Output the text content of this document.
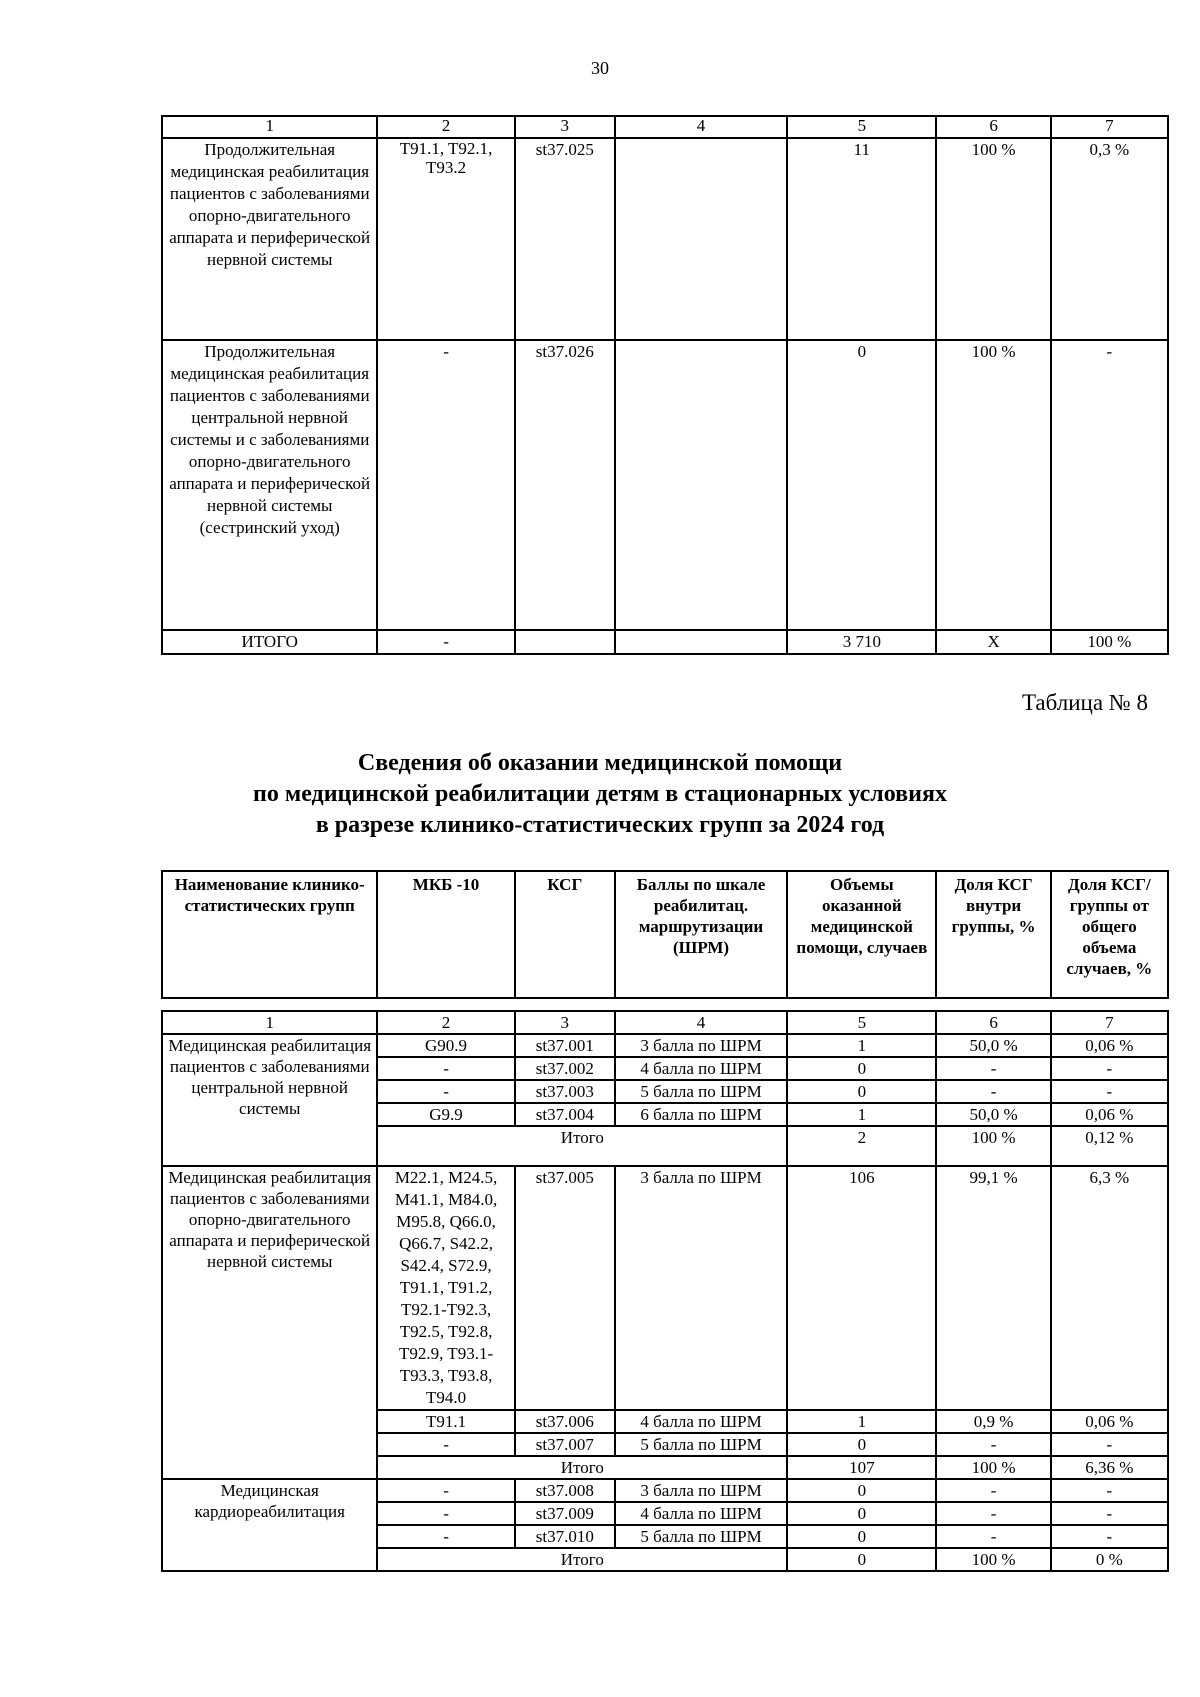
30
1	2	3	4	5	6	7
Продолжительная медицинская реабилитация пациентов с заболеваниями опорно-двигательного аппарата и периферической нервной системы	T91.1, T92.1, T93.2	st37.025		11	100 %	0,3 %
Продолжительная медицинская реабилитация пациентов с заболеваниями центральной нервной системы и с заболеваниями опорно-двигательного аппарата и периферической нервной системы (сестринский уход)	-	st37.026		0	100 %	-
ИТОГО	-			3 710	Х	100 %
Таблица № 8
Сведения об оказании медицинской помощи
по медицинской реабилитации детям в стационарных условиях
в разрезе клинико-статистических групп за 2024 год
Наименование клинико-статистических групп	МКБ -10	КСГ	Баллы по шкале реабилитац. маршрутизации (ШРМ)	Объемы оказанной медицинской помощи, случаев	Доля КСГ внутри группы, %	Доля КСГ/ группы от общего объема случаев, %
1	2	3	4	5	6	7
Медицинская реабилитация пациентов с заболеваниями центральной нервной системы	G90.9	st37.001	3 балла по ШРМ	1	50,0 %	0,06 %
	-	st37.002	4 балла по ШРМ	0	-	-
	-	st37.003	5 балла по ШРМ	0	-	-
	G9.9	st37.004	6 балла по ШРМ	1	50,0 %	0,06 %
	Итого			2	100 %	0,12 %
Медицинская реабилитация пациентов с заболеваниями опорно-двигательного аппарата и периферической нервной системы	M22.1, M24.5, M41.1, M84.0, M95.8, Q66.0, Q66.7, S42.2, S42.4, S72.9, T91.1, T91.2, T92.1-T92.3, T92.5, T92.8, T92.9, T93.1-T93.3, T93.8, T94.0	st37.005	3 балла по ШРМ	106	99,1 %	6,3 %
	T91.1	st37.006	4 балла по ШРМ	1	0,9 %	0,06 %
	-	st37.007	5 балла по ШРМ	0	-	-
	Итого			107	100 %	6,36 %
Медицинская кардиореабилитация	-	st37.008	3 балла по ШРМ	0	-	-
	-	st37.009	4 балла по ШРМ	0	-	-
	-	st37.010	5 балла по ШРМ	0	-	-
	Итого			0	100 %	0 %
